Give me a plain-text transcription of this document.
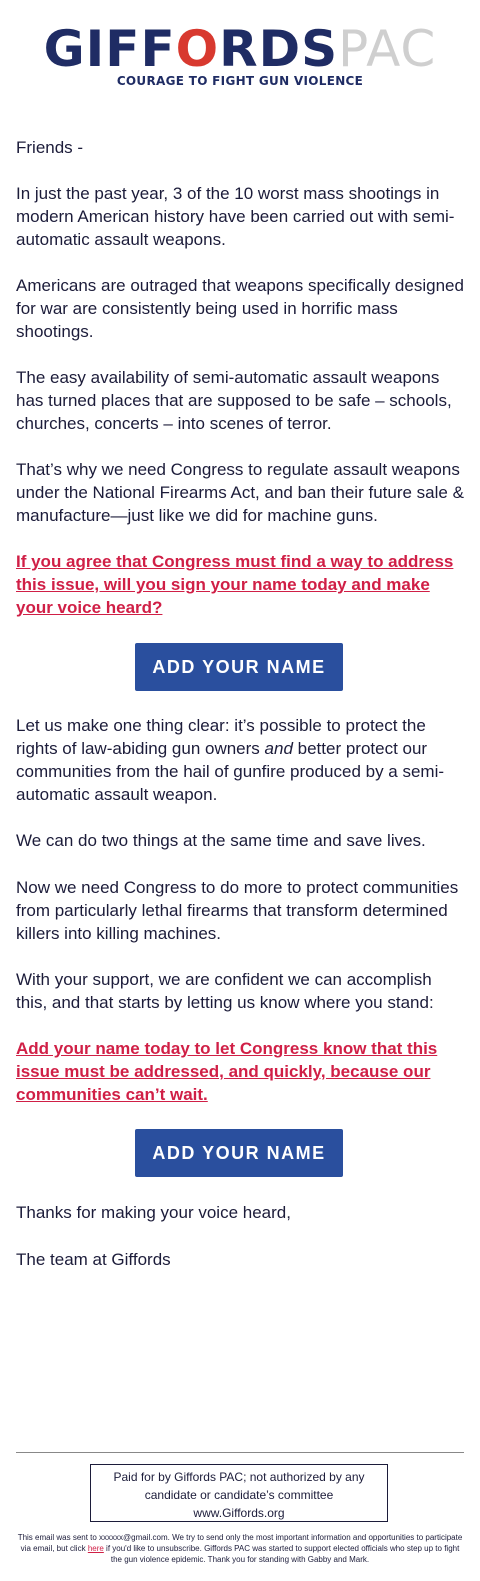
GIFFORDSPAC
COURAGE TO FIGHT GUN VIOLENCE

Friends -

In just the past year, 3 of the 10 worst mass shootings in modern American history have been carried out with semi-automatic assault weapons.

Americans are outraged that weapons specifically designed for war are consistently being used in horrific mass shootings.

The easy availability of semi-automatic assault weapons has turned places that are supposed to be safe – schools, churches, concerts – into scenes of terror.

That’s why we need Congress to regulate assault weapons under the National Firearms Act, and ban their future sale & manufacture—just like we did for machine guns.

If you agree that Congress must find a way to address this issue, will you sign your name today and make your voice heard?
ADD YOUR NAME

Let us make one thing clear: it’s possible to protect the rights of law-abiding gun owners and better protect our communities from the hail of gunfire produced by a semi-automatic assault weapon.

We can do two things at the same time and save lives.

Now we need Congress to do more to protect communities from particularly lethal firearms that transform determined killers into killing machines.

With your support, we are confident we can accomplish this, and that starts by letting us know where you stand:

Add your name today to let Congress know that this issue must be addressed, and quickly, because our communities can’t wait.
ADD YOUR NAME

Thanks for making your voice heard,

The team at Giffords

Paid for by Giffords PAC; not authorized by any
candidate or candidate’s committee
www.Giffords.org
This email was sent to xxxxxx@gmail.com. We try to send only the most important information and opportunities to participate via email, but click here if you'd like to unsubscribe. Giffords PAC was started to support elected officials who step up to fight the gun violence epidemic. Thank you for standing with Gabby and Mark.
